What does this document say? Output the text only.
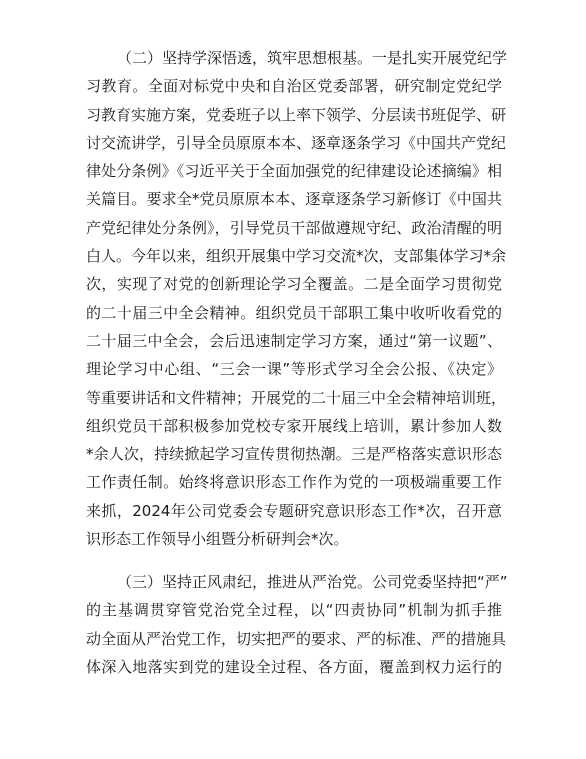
（二）坚持学深悟透，筑牢思想根基。一是扎实开展党纪学
习教育。全面对标党中央和自治区党委部署，研究制定党纪学
习教育实施方案，党委班子以上率下领学、分层读书班促学、研
讨交流讲学，引导全员原原本本、逐章逐条学习《中国共产党纪
律处分条例》《习近平关于全面加强党的纪律建设论述摘编》相
关篇目。要求全*党员原原本本、逐章逐条学习新修订《中国共
产党纪律处分条例》，引导党员干部做遵规守纪、政治清醒的明
白人。今年以来，组织开展集中学习交流*次，支部集体学习*余
次，实现了对党的创新理论学习全覆盖。二是全面学习贯彻党
的二十届三中全会精神。组织党员干部职工集中收听收看党的
二十届三中全会，会后迅速制定学习方案，通过“第一议题”、
理论学习中心组、“三会一课”等形式学习全会公报、《决定》
等重要讲话和文件精神；开展党的二十届三中全会精神培训班，
组织党员干部积极参加党校专家开展线上培训，累计参加人数
*余人次，持续掀起学习宣传贯彻热潮。三是严格落实意识形态
工作责任制。始终将意识形态工作作为党的一项极端重要工作
来抓，2024年公司党委会专题研究意识形态工作*次，召开意
识形态工作领导小组暨分析研判会*次。
（三）坚持正风肃纪，推进从严治党。公司党委坚持把“严”
的主基调贯穿管党治党全过程，以“四责协同”机制为抓手推
动全面从严治党工作，切实把严的要求、严的标准、严的措施具
体深入地落实到党的建设全过程、各方面，覆盖到权力运行的
